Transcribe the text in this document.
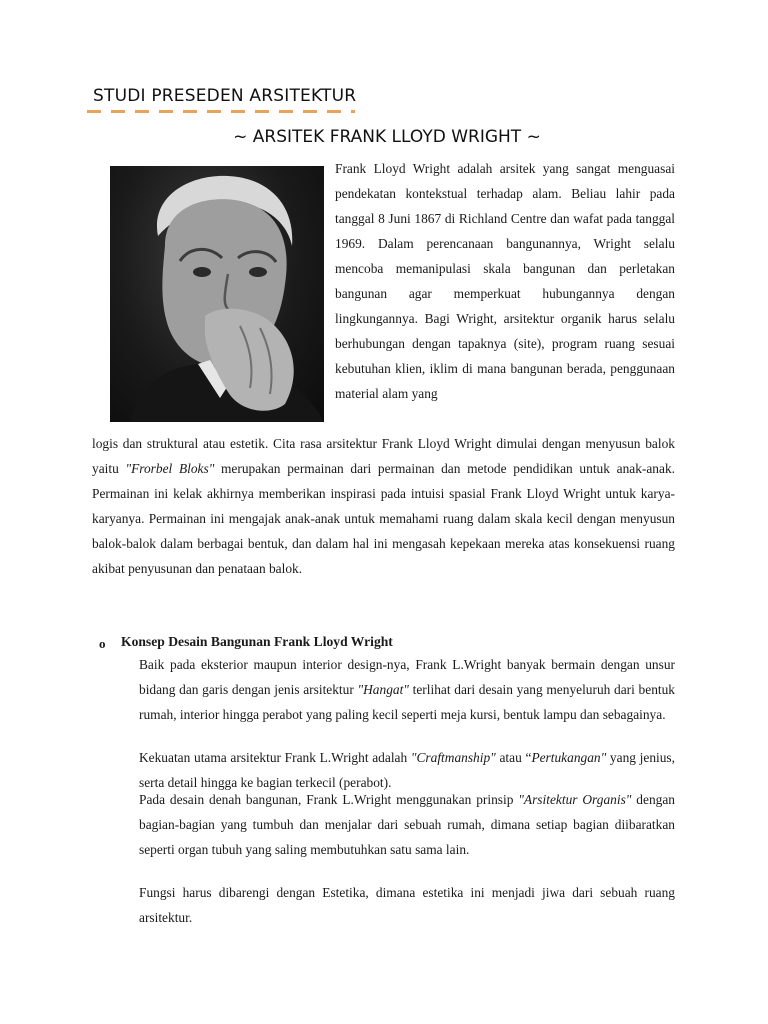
STUDI PRESEDEN ARSITEKTUR
~ ARSITEK FRANK LLOYD WRIGHT ~

Frank Lloyd Wright adalah arsitek yang sangat menguasai pendekatan kontekstual terhadap alam. Beliau lahir pada tanggal 8 Juni 1867 di Richland Centre dan wafat pada tanggal 1969. Dalam perencanaan bangunannya, Wright selalu mencoba memanipulasi skala bangunan dan perletakan bangunan agar memperkuat hubungannya dengan lingkungannya. Bagi Wright, arsitektur organik harus selalu berhubungan dengan tapaknya (site), program ruang sesuai kebutuhan klien, iklim di mana bangunan berada, penggunaan material alam yang

logis dan struktural atau estetik. Cita rasa arsitektur Frank Lloyd Wright dimulai dengan menyusun balok yaitu "Frorbel Bloks" merupakan permainan dari permainan dan metode pendidikan untuk anak-anak. Permainan ini kelak akhirnya memberikan inspirasi pada intuisi spasial Frank Lloyd Wright untuk karya-karyanya. Permainan ini mengajak anak-anak untuk memahami ruang dalam skala kecil dengan menyusun balok-balok dalam berbagai bentuk, dan dalam hal ini mengasah kepekaan mereka atas konsekuensi ruang akibat penyusunan dan penataan balok.

o Konsep Desain Bangunan Frank Lloyd Wright

Baik pada eksterior maupun interior design-nya, Frank L.Wright banyak bermain dengan unsur bidang dan garis dengan jenis arsitektur "Hangat" terlihat dari desain yang menyeluruh dari bentuk rumah, interior hingga perabot yang paling kecil seperti meja kursi, bentuk lampu dan sebagainya.

Kekuatan utama arsitektur Frank L.Wright adalah "Craftmanship" atau “Pertukangan" yang jenius, serta detail hingga ke bagian terkecil (perabot).

Pada desain denah bangunan, Frank L.Wright menggunakan prinsip "Arsitektur Organis" dengan bagian-bagian yang tumbuh dan menjalar dari sebuah rumah, dimana setiap bagian diibaratkan seperti organ tubuh yang saling membutuhkan satu sama lain.

Fungsi harus dibarengi dengan Estetika, dimana estetika ini menjadi jiwa dari sebuah ruang arsitektur.
